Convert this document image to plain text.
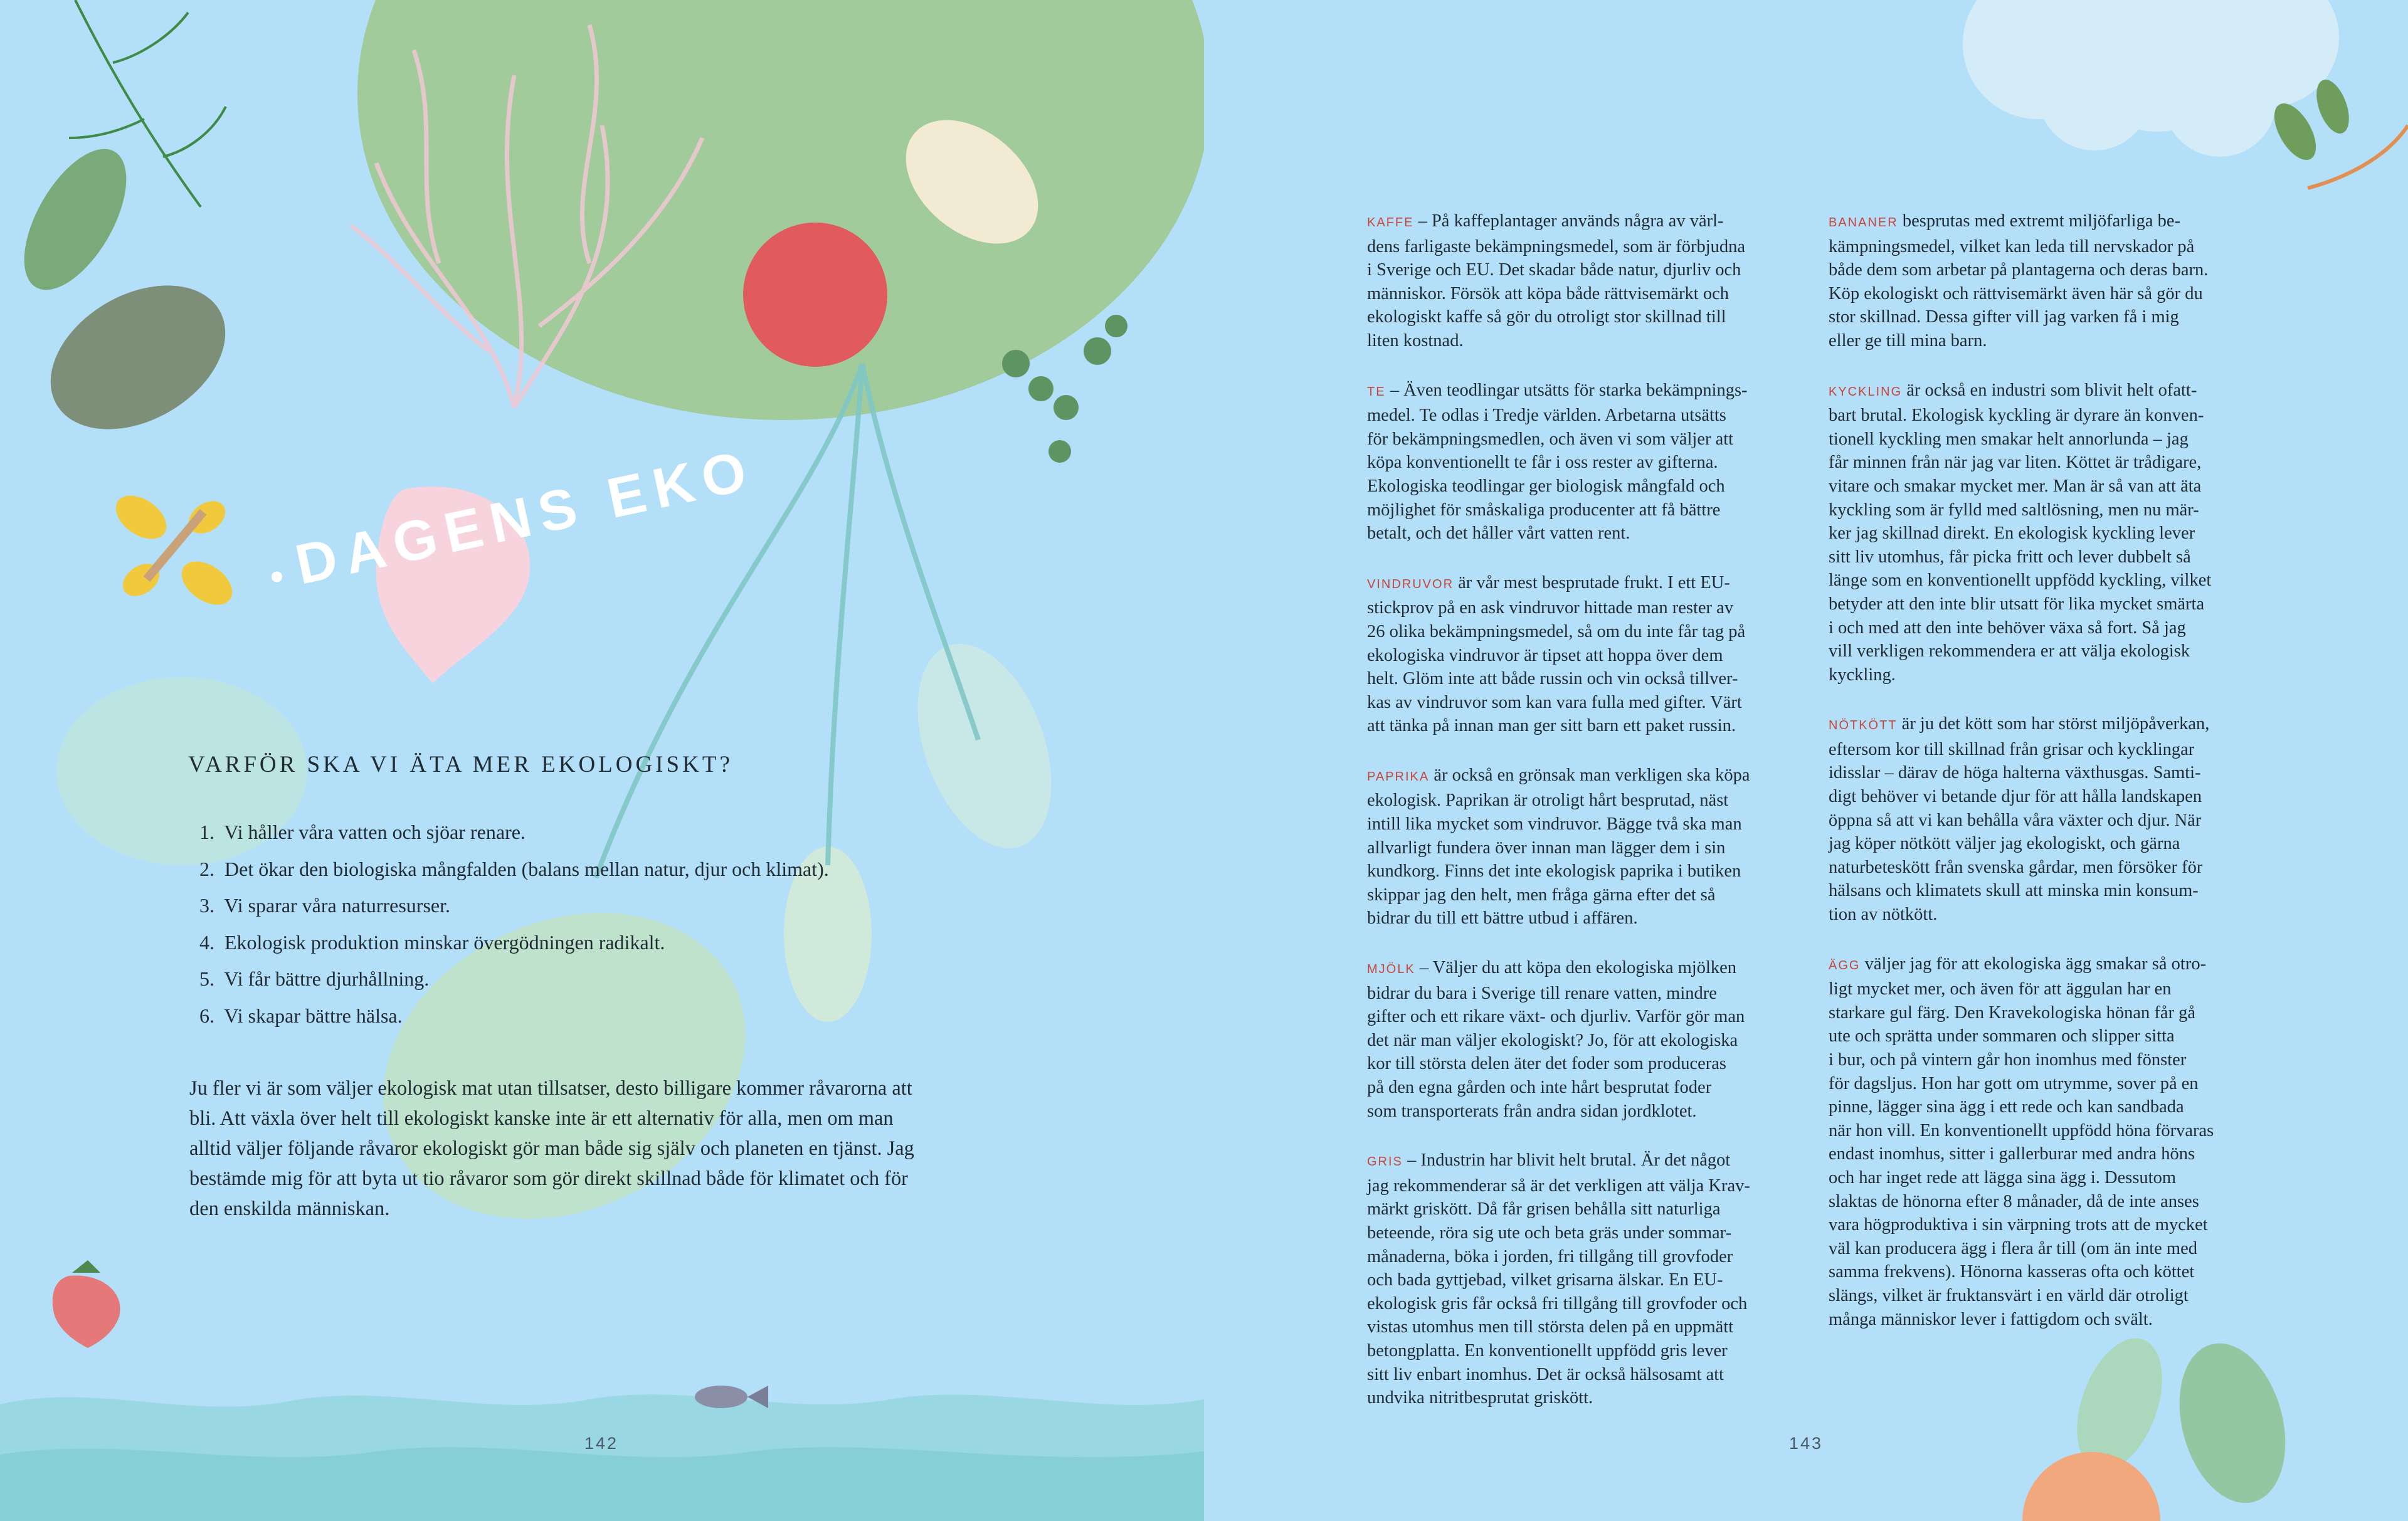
•DAGENS EKO
VARFÖR SKA VI ÄTA MER EKOLOGISKT?
1. Vi håller våra vatten och sjöar renare.
2. Det ökar den biologiska mångfalden (balans mellan natur, djur och klimat).
3. Vi sparar våra naturresurser.
4. Ekologisk produktion minskar övergödningen radikalt.
5. Vi får bättre djurhållning.
6. Vi skapar bättre hälsa.

Ju fler vi är som väljer ekologisk mat utan tillsatser, desto billigare kommer råvarorna att
bli. Att växla över helt till ekologiskt kanske inte är ett alternativ för alla, men om man
alltid väljer följande råvaror ekologiskt gör man både sig själv och planeten en tjänst. Jag
bestämde mig för att byta ut tio råvaror som gör direkt skillnad både för klimatet och för
den enskilda människan.

142

KAFFE – På kaffeplantager används några av värl-
dens farligaste bekämpningsmedel, som är förbjudna
i Sverige och EU. Det skadar både natur, djurliv och
människor. Försök att köpa både rättvisemärkt och
ekologiskt kaffe så gör du otroligt stor skillnad till
liten kostnad.

TE – Även teodlingar utsätts för starka bekämpnings-
medel. Te odlas i Tredje världen. Arbetarna utsätts
för bekämpningsmedlen, och även vi som väljer att
köpa konventionellt te får i oss rester av gifterna.
Ekologiska teodlingar ger biologisk mångfald och
möjlighet för småskaliga producenter att få bättre
betalt, och det håller vårt vatten rent.

VINDRUVOR är vår mest besprutade frukt. I ett EU-
stickprov på en ask vindruvor hittade man rester av
26 olika bekämpningsmedel, så om du inte får tag på
ekologiska vindruvor är tipset att hoppa över dem
helt. Glöm inte att både russin och vin också tillver-
kas av vindruvor som kan vara fulla med gifter. Värt
att tänka på innan man ger sitt barn ett paket russin.

PAPRIKA är också en grönsak man verkligen ska köpa
ekologisk. Paprikan är otroligt hårt besprutad, näst
intill lika mycket som vindruvor. Bägge två ska man
allvarligt fundera över innan man lägger dem i sin
kundkorg. Finns det inte ekologisk paprika i butiken
skippar jag den helt, men fråga gärna efter det så
bidrar du till ett bättre utbud i affären.

MJÖLK – Väljer du att köpa den ekologiska mjölken
bidrar du bara i Sverige till renare vatten, mindre
gifter och ett rikare växt- och djurliv. Varför gör man
det när man väljer ekologiskt? Jo, för att ekologiska
kor till största delen äter det foder som produceras
på den egna gården och inte hårt besprutat foder
som transporterats från andra sidan jordklotet.

GRIS – Industrin har blivit helt brutal. Är det något
jag rekommenderar så är det verkligen att välja Krav-
märkt griskött. Då får grisen behålla sitt naturliga
beteende, röra sig ute och beta gräs under sommar-
månaderna, böka i jorden, fri tillgång till grovfoder
och bada gyttjebad, vilket grisarna älskar. En EU-
ekologisk gris får också fri tillgång till grovfoder och
vistas utomhus men till största delen på en uppmätt
betongplatta. En konventionellt uppfödd gris lever
sitt liv enbart inomhus. Det är också hälsosamt att
undvika nitritbesprutat griskött.

BANANER besprutas med extremt miljöfarliga be-
kämpningsmedel, vilket kan leda till nervskador på
både dem som arbetar på plantagerna och deras barn.
Köp ekologiskt och rättvisemärkt även här så gör du
stor skillnad. Dessa gifter vill jag varken få i mig
eller ge till mina barn.

KYCKLING är också en industri som blivit helt ofatt-
bart brutal. Ekologisk kyckling är dyrare än konven-
tionell kyckling men smakar helt annorlunda – jag
får minnen från när jag var liten. Köttet är trådigare,
vitare och smakar mycket mer. Man är så van att äta
kyckling som är fylld med saltlösning, men nu mär-
ker jag skillnad direkt. En ekologisk kyckling lever
sitt liv utomhus, får picka fritt och lever dubbelt så
länge som en konventionellt uppfödd kyckling, vilket
betyder att den inte blir utsatt för lika mycket smärta
i och med att den inte behöver växa så fort. Så jag
vill verkligen rekommendera er att välja ekologisk
kyckling.

NÖTKÖTT är ju det kött som har störst miljöpåverkan,
eftersom kor till skillnad från grisar och kycklingar
idisslar – därav de höga halterna växthusgas. Samti-
digt behöver vi betande djur för att hålla landskapen
öppna så att vi kan behålla våra växter och djur. När
jag köper nötkött väljer jag ekologiskt, och gärna
naturbeteskött från svenska gårdar, men försöker för
hälsans och klimatets skull att minska min konsum-
tion av nötkött.

ÄGG väljer jag för att ekologiska ägg smakar så otro-
ligt mycket mer, och även för att äggulan har en
starkare gul färg. Den Kravekologiska hönan får gå
ute och sprätta under sommaren och slipper sitta
i bur, och på vintern går hon inomhus med fönster
för dagsljus. Hon har gott om utrymme, sover på en
pinne, lägger sina ägg i ett rede och kan sandbada
när hon vill. En konventionellt uppfödd höna förvaras
endast inomhus, sitter i gallerburar med andra höns
och har inget rede att lägga sina ägg i. Dessutom
slaktas de hönorna efter 8 månader, då de inte anses
vara högproduktiva i sin värpning trots att de mycket
väl kan producera ägg i flera år till (om än inte med
samma frekvens). Hönorna kasseras ofta och köttet
slängs, vilket är fruktansvärt i en värld där otroligt
många människor lever i fattigdom och svält.

143
